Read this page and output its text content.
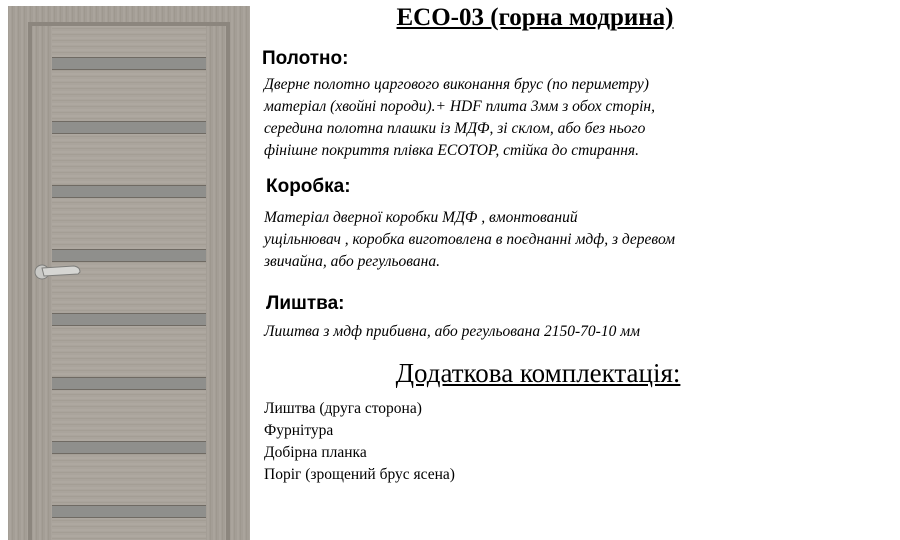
ECO-03 (горна модрина)
Полотно:

Дверне полотно царгового виконання брус (по периметру)
матеріал (хвойні породи).+ HDF плита 3мм з обох сторін,
середина полотна плашки із МДФ, зі склом, або без нього
фінішне покриття плівка ECOTOP, стійка до стирання.

Коробка:

Матеріал дверної коробки МДФ , вмонтований
ущільнювач , коробка виготовлена в поєднанні мдф, з деревом
звичайна, або регульована.

Лиштва:

Лиштва з мдф прибивна, або регульована 2150-70-10 мм

Додаткова комплектація:
Лиштва (друга сторона)
Фурнітура
Добірна планка
Поріг (зрощений брус ясена)
